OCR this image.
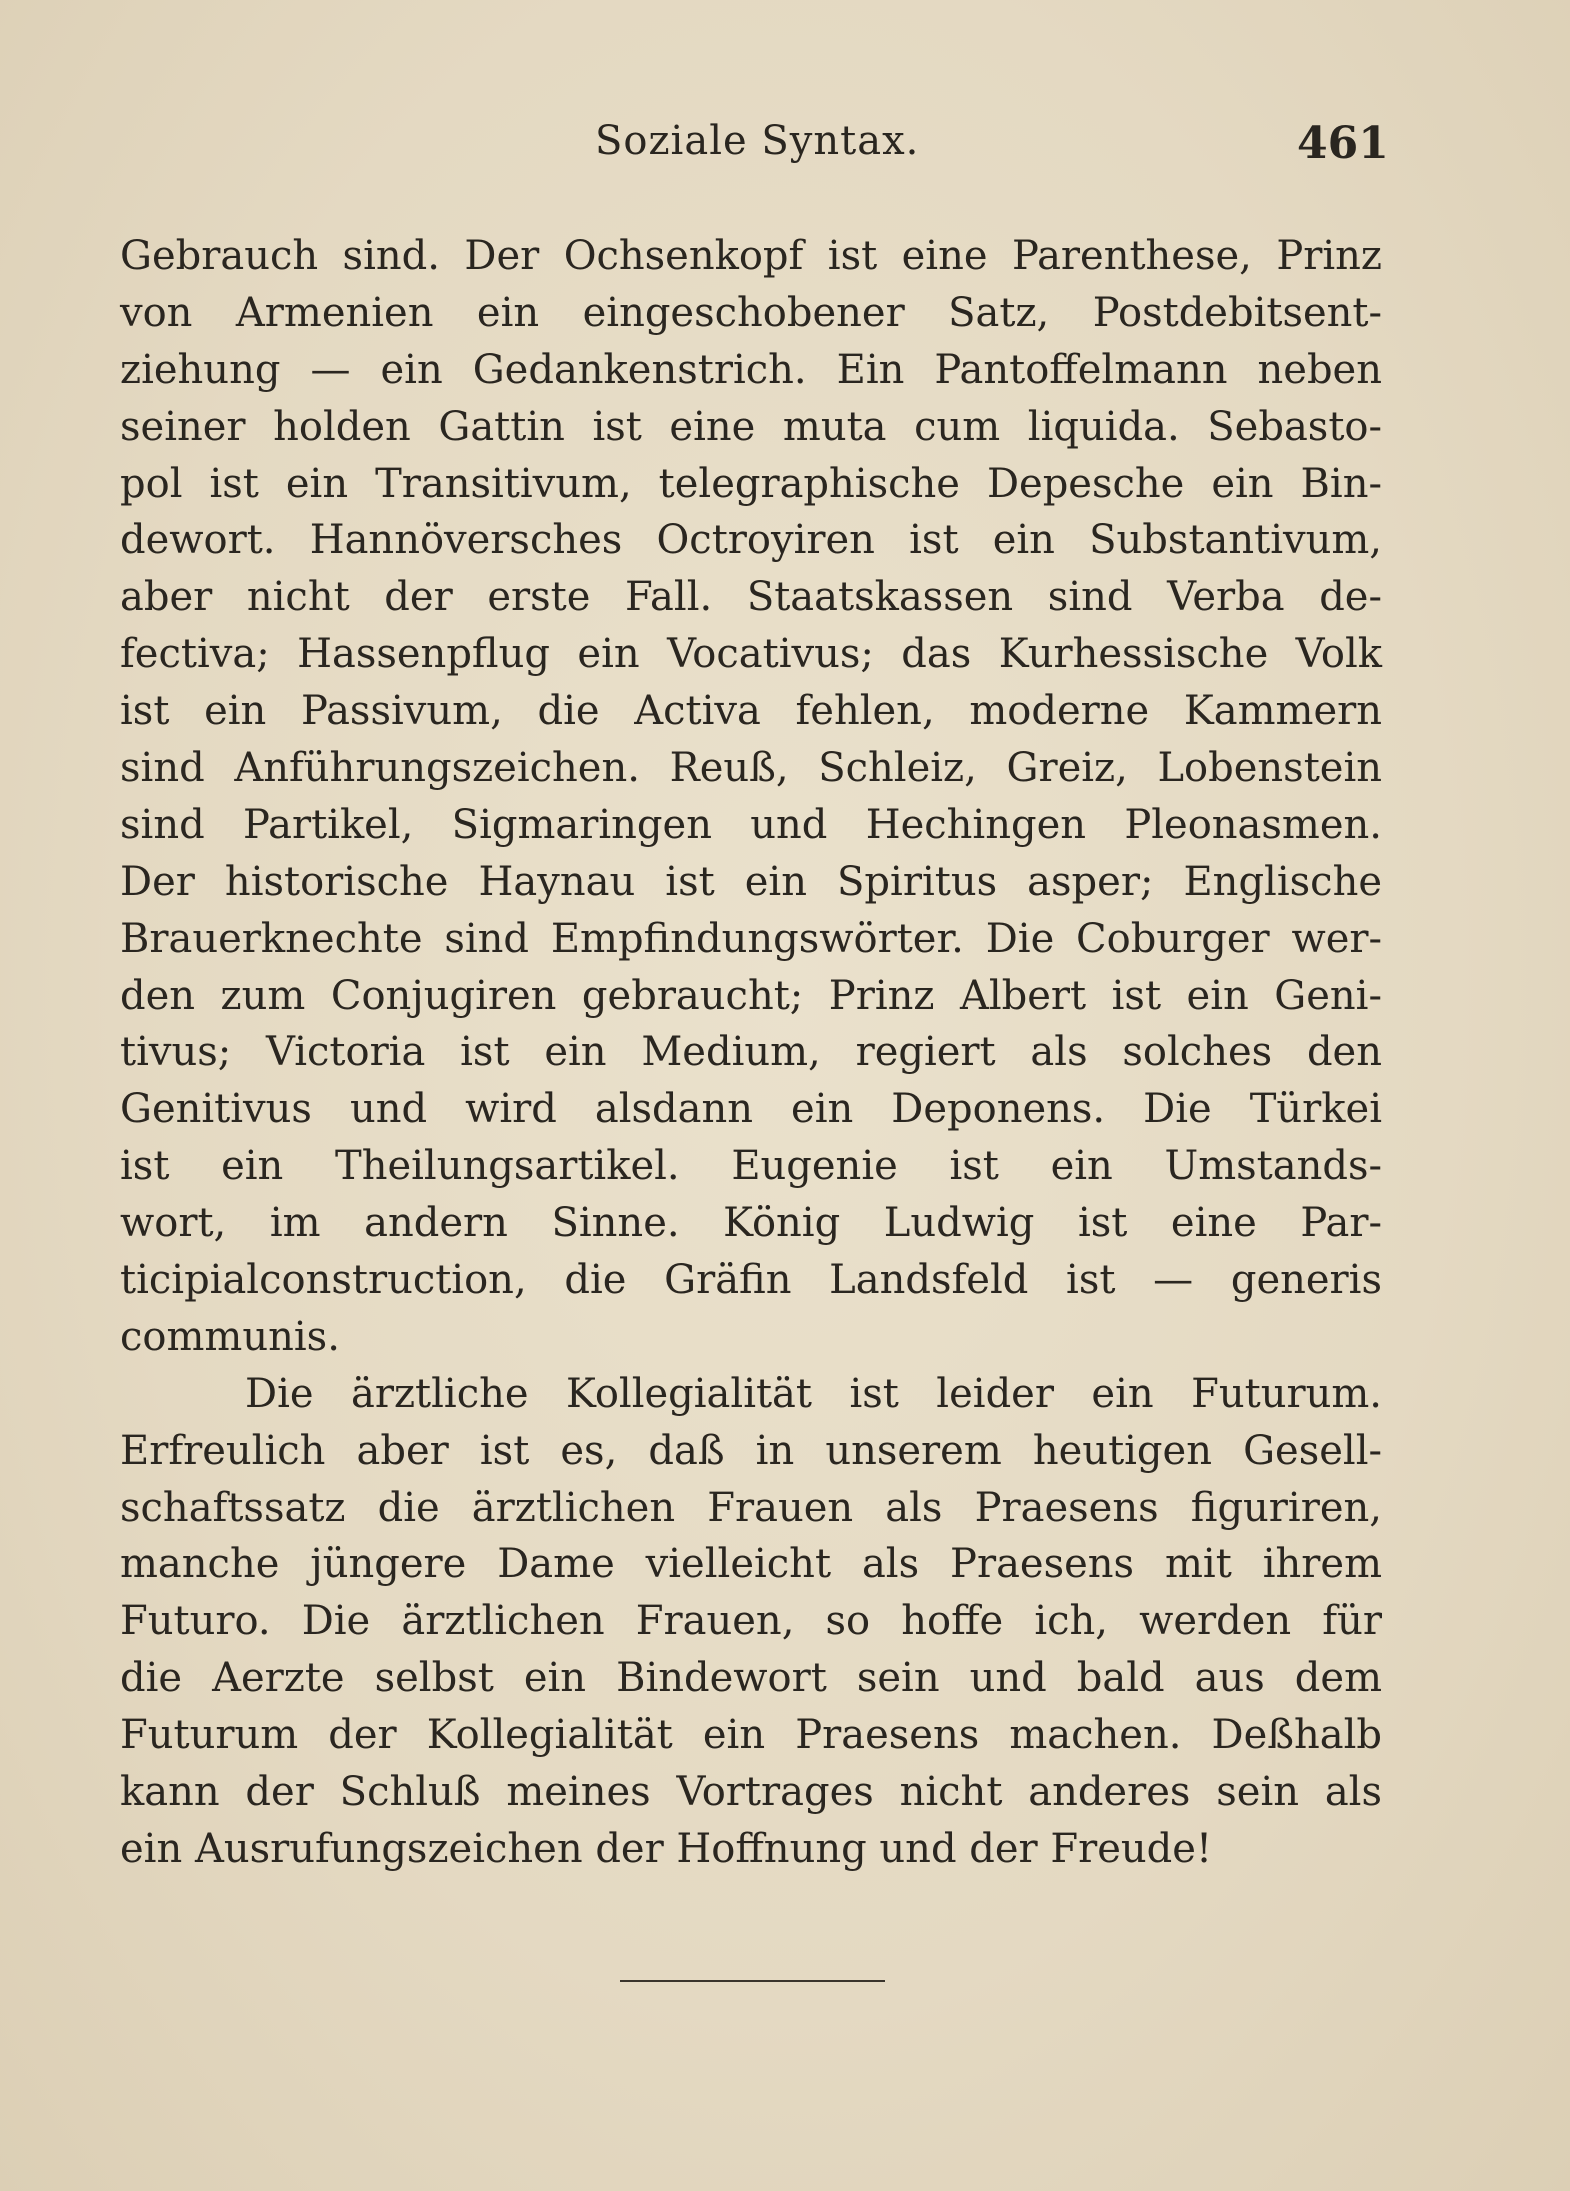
Soziale Syntax.	461
Gebrauch sind. Der Ochsenkopf ist eine Parenthese, Prinz
von Armenien ein eingeschobener Satz, Postdebitsent-
ziehung — ein Gedankenstrich. Ein Pantoffelmann neben
seiner holden Gattin ist eine muta cum liquida. Sebasto-
pol ist ein Transitivum, telegraphische Depesche ein Bin-
dewort. Hannöversches Octroyiren ist ein Substantivum,
aber nicht der erste Fall. Staatskassen sind Verba de-
fectiva; Hassenpflug ein Vocativus; das Kurhessische Volk
ist ein Passivum, die Activa fehlen, moderne Kammern
sind Anführungszeichen. Reuß, Schleiz, Greiz, Lobenstein
sind Partikel, Sigmaringen und Hechingen Pleonasmen.
Der historische Haynau ist ein Spiritus asper; Englische
Brauerknechte sind Empfindungswörter. Die Coburger wer-
den zum Conjugiren gebraucht; Prinz Albert ist ein Geni-
tivus; Victoria ist ein Medium, regiert als solches den
Genitivus und wird alsdann ein Deponens. Die Türkei
ist ein Theilungsartikel. Eugenie ist ein Umstands-
wort, im andern Sinne. König Ludwig ist eine Par-
ticipialconstruction, die Gräfin Landsfeld ist — generis
communis.
Die ärztliche Kollegialität ist leider ein Futurum.
Erfreulich aber ist es, daß in unserem heutigen Gesell-
schaftssatz die ärztlichen Frauen als Praesens figuriren,
manche jüngere Dame vielleicht als Praesens mit ihrem
Futuro. Die ärztlichen Frauen, so hoffe ich, werden für
die Aerzte selbst ein Bindewort sein und bald aus dem
Futurum der Kollegialität ein Praesens machen. Deßhalb
kann der Schluß meines Vortrages nicht anderes sein als
ein Ausrufungszeichen der Hoffnung und der Freude!
